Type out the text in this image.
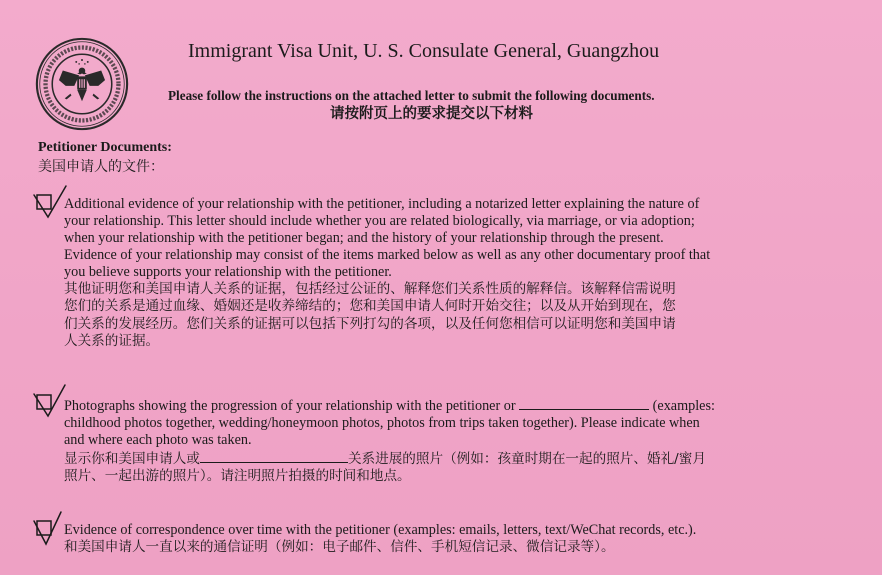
Immigrant Visa Unit, U. S. Consulate General, Guangzhou
Please follow the instructions on the attached letter to submit the following documents.
请按附页上的要求提交以下材料
Petitioner Documents:
美国申请人的文件：
Additional evidence of your relationship with the petitioner, including a notarized letter explaining the nature of
your relationship. This letter should include whether you are related biologically, via marriage, or via adoption;
when your relationship with the petitioner began; and the history of your relationship through the present.
Evidence of your relationship may consist of the items marked below as well as any other documentary proof that
you believe supports your relationship with the petitioner.
其他证明您和美国申请人关系的证据，包括经过公证的、解释您们关系性质的解释信。该解释信需说明
您们的关系是通过血缘、婚姻还是收养缔结的；您和美国申请人何时开始交往；以及从开始到现在，您
们关系的发展经历。您们关系的证据可以包括下列打勾的各项，以及任何您相信可以证明您和美国申请
人关系的证据。
Photographs showing the progression of your relationship with the petitioner or	(examples:
childhood photos together, wedding/honeymoon photos, photos from trips taken together). Please indicate when
and where each photo was taken.
显示你和美国申请人或	关系进展的照片（例如：孩童时期在一起的照片、婚礼/蜜月
照片、一起出游的照片）。请注明照片拍摄的时间和地点。
Evidence of correspondence over time with the petitioner (examples: emails, letters, text/WeChat records, etc.).
和美国申请人一直以来的通信证明（例如：电子邮件、信件、手机短信记录、微信记录等）。
